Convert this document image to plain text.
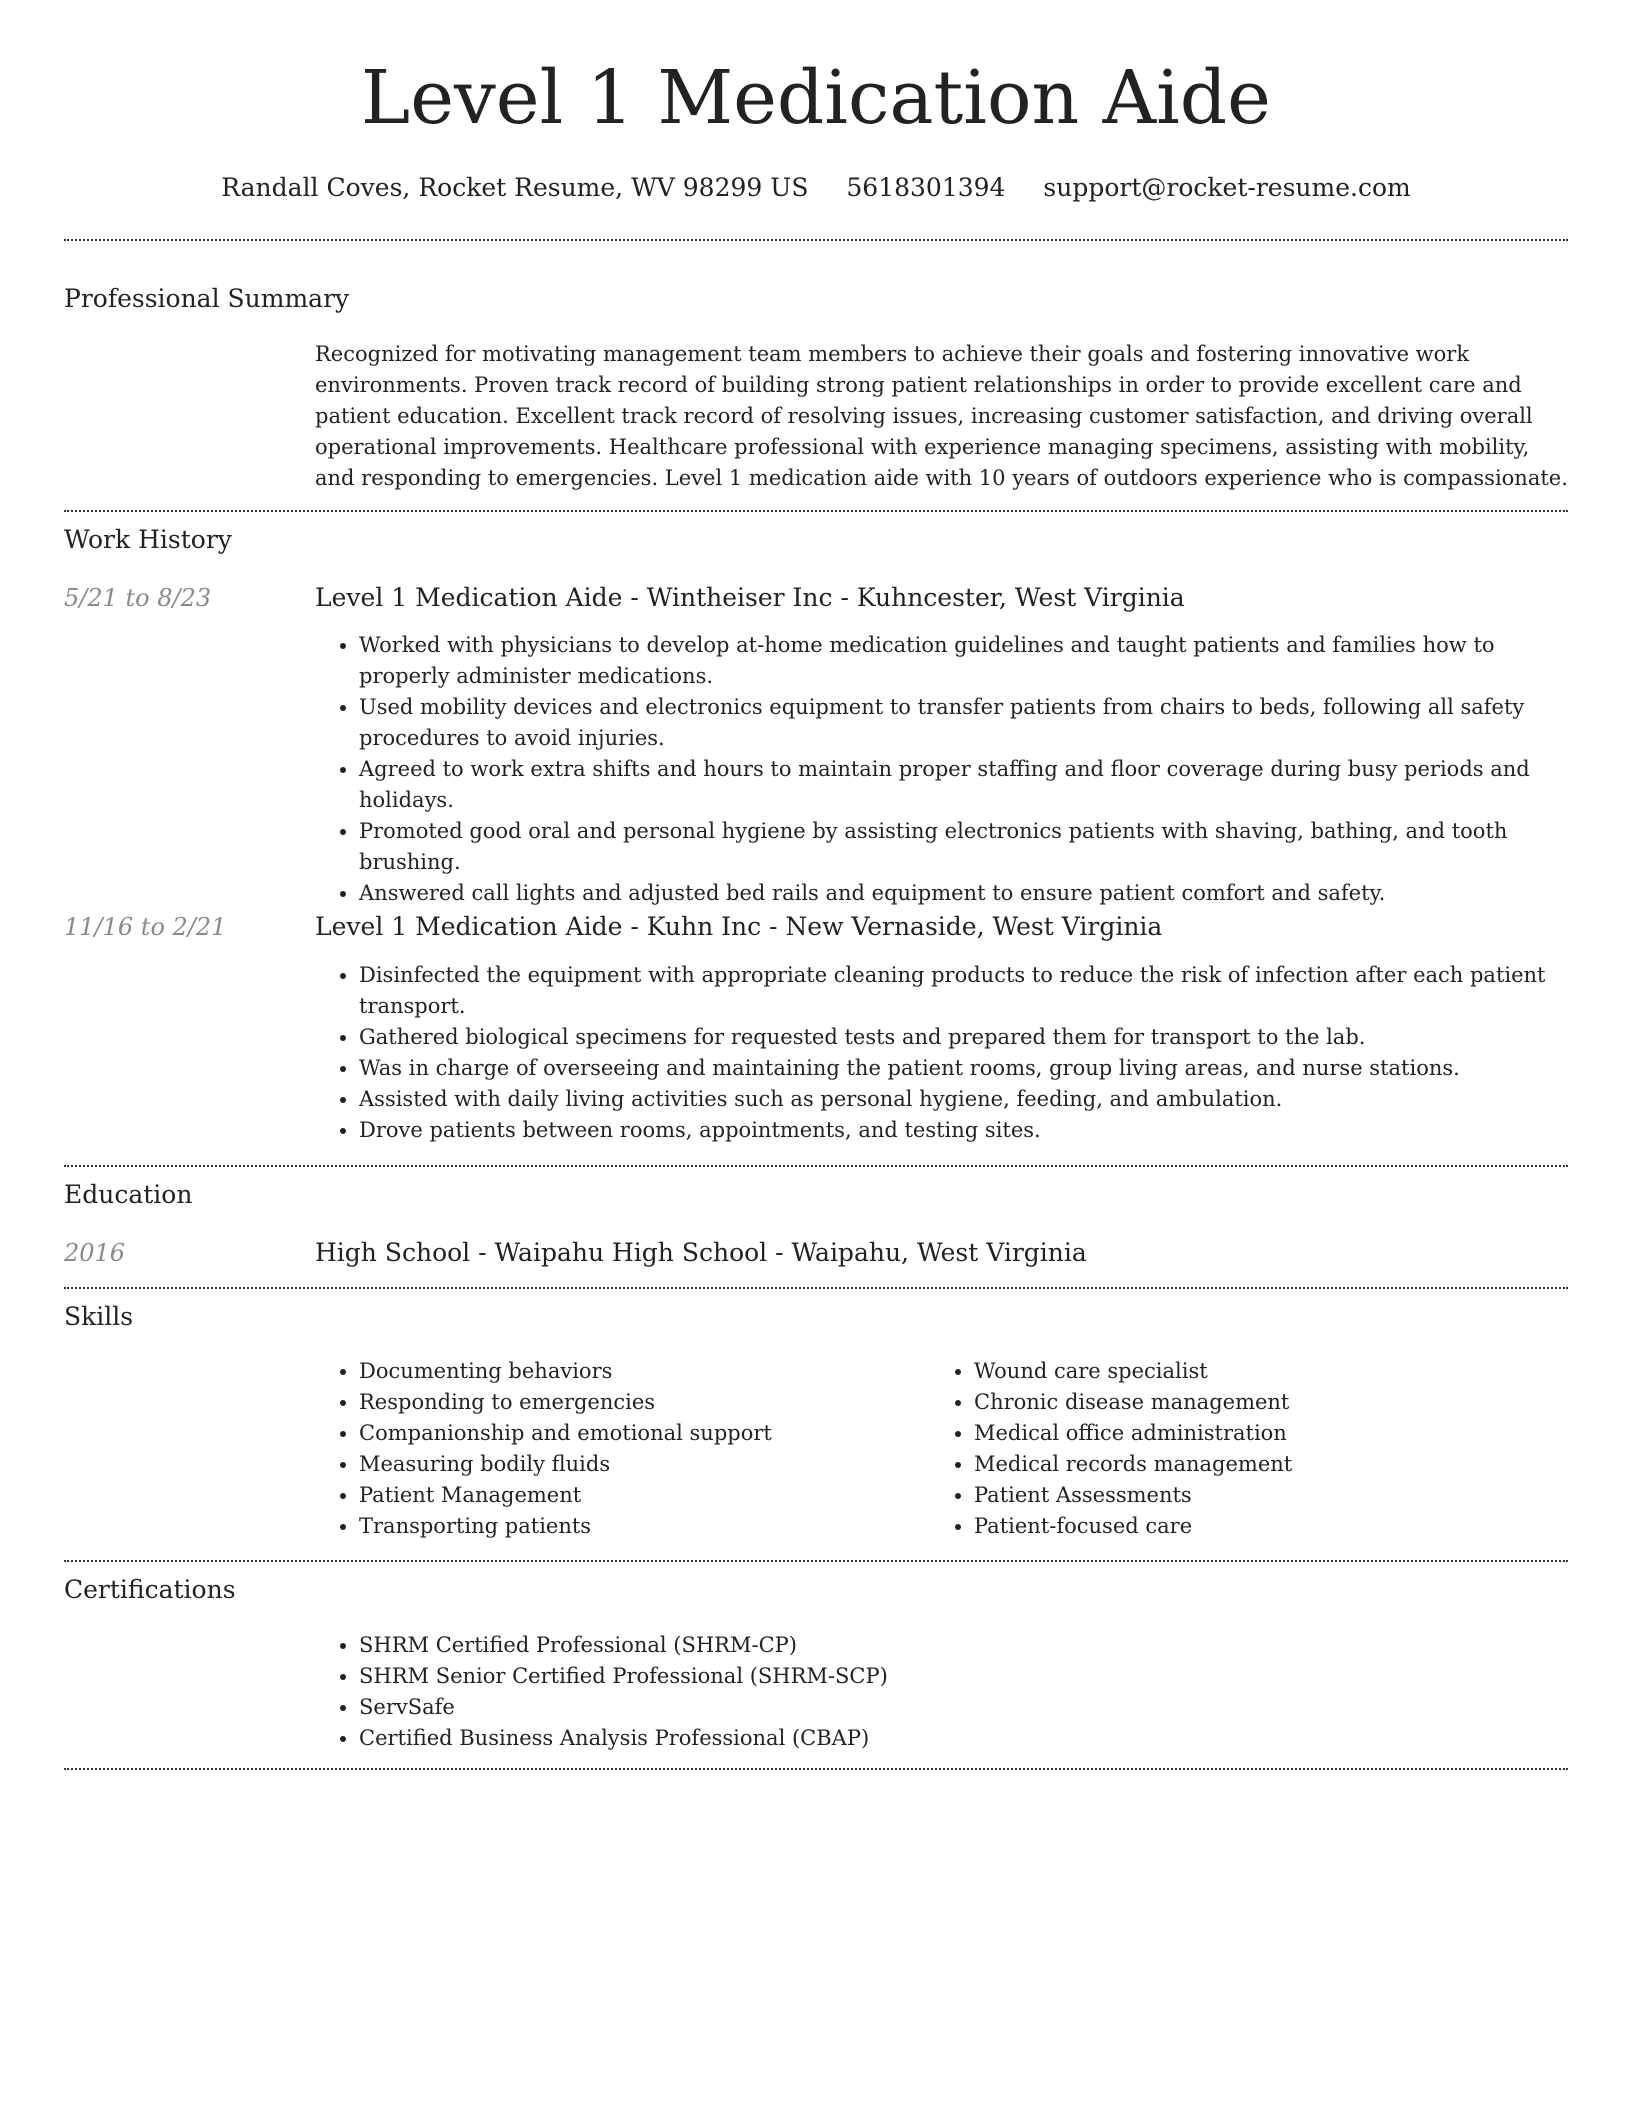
Level 1 Medication Aide
Randall Coves, Rocket Resume, WV 98299 US 5618301394 support@rocket-resume.com
Professional Summary

Recognized for motivating management team members to achieve their goals and fostering innovative work environments. Proven track record of building strong patient relationships in order to provide excellent care and patient education. Excellent track record of resolving issues, increasing customer satisfaction, and driving overall operational improvements. Healthcare professional with experience managing specimens, assisting with mobility, and responding to emergencies. Level 1 medication aide with 10 years of outdoors experience who is compassionate.

Work History
5/21 to 8/23	Level 1 Medication Aide - Wintheiser Inc - Kuhncester, West Virginia
• Worked with physicians to develop at-home medication guidelines and taught patients and families how to properly administer medications.
• Used mobility devices and electronics equipment to transfer patients from chairs to beds, following all safety procedures to avoid injuries.
• Agreed to work extra shifts and hours to maintain proper staffing and floor coverage during busy periods and holidays.
• Promoted good oral and personal hygiene by assisting electronics patients with shaving, bathing, and tooth brushing.
• Answered call lights and adjusted bed rails and equipment to ensure patient comfort and safety.
11/16 to 2/21	Level 1 Medication Aide - Kuhn Inc - New Vernaside, West Virginia
• Disinfected the equipment with appropriate cleaning products to reduce the risk of infection after each patient transport.
• Gathered biological specimens for requested tests and prepared them for transport to the lab.
• Was in charge of overseeing and maintaining the patient rooms, group living areas, and nurse stations.
• Assisted with daily living activities such as personal hygiene, feeding, and ambulation.
• Drove patients between rooms, appointments, and testing sites.
Education
2016	High School - Waipahu High School - Waipahu, West Virginia
Skills
• Documenting behaviors
• Responding to emergencies
• Companionship and emotional support
• Measuring bodily fluids
• Patient Management
• Transporting patients
• Wound care specialist
• Chronic disease management
• Medical office administration
• Medical records management
• Patient Assessments
• Patient-focused care
Certifications
• SHRM Certified Professional (SHRM-CP)
• SHRM Senior Certified Professional (SHRM-SCP)
• ServSafe
• Certified Business Analysis Professional (CBAP)
